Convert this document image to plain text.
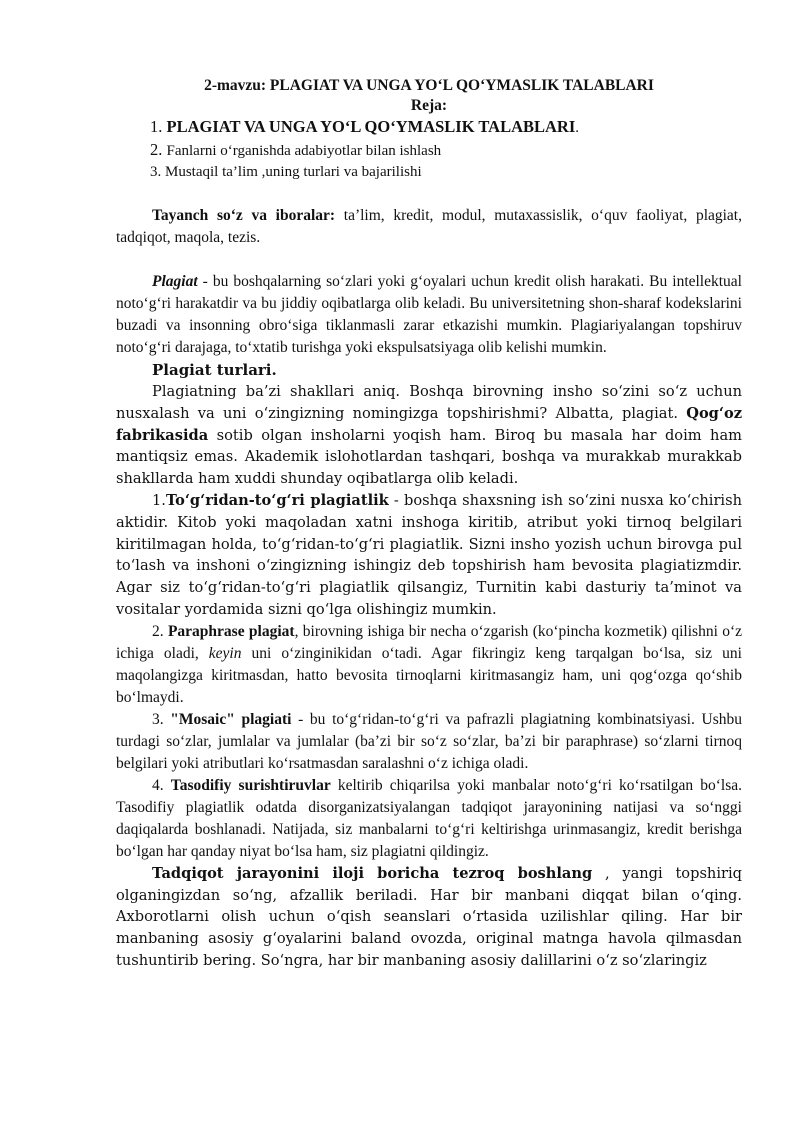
2-mavzu: PLAGIAT VA UNGA YO‘L QO‘YMASLIK TALABLARI
Reja:
1. PLAGIAT VA UNGA YO‘L QO‘YMASLIK TALABLARI.
2. Fanlarni o‘rganishda adabiyotlar bilan ishlash
3. Mustaqil ta’lim ,uning turlari va bajarilishi

Tayanch so‘z va iboralar: ta’lim, kredit, modul, mutaxassislik, o‘quv faoliyat, plagiat, tadqiqot, maqola, tezis.

Plagiat - bu boshqalarning so‘zlari yoki g‘oyalari uchun kredit olish harakati. Bu intellektual noto‘g‘ri harakatdir va bu jiddiy oqibatlarga olib keladi. Bu universitetning shon-sharaf kodekslarini buzadi va insonning obro‘siga tiklanmasli zarar etkazishi mumkin. Plagiariyalangan topshiruv noto‘g‘ri darajaga, to‘xtatib turishga yoki ekspulsatsiyaga olib kelishi mumkin.

Plagiat turlari.

Plagiatning ba’zi shakllari aniq. Boshqa birovning insho so‘zini so‘z uchun nusxalash va uni o‘zingizning nomingizga topshirishmi? Albatta, plagiat. Qog‘oz fabrikasida sotib olgan insholarni yoqish ham. Biroq bu masala har doim ham mantiqsiz emas. Akademik islohotlardan tashqari, boshqa va murakkab murakkab shakllarda ham xuddi shunday oqibatlarga olib keladi.

1.To‘g‘ridan-to‘g‘ri plagiatlik - boshqa shaxsning ish so‘zini nusxa ko‘chirish aktidir. Kitob yoki maqoladan xatni inshoga kiritib, atribut yoki tirnoq belgilari kiritilmagan holda, to‘g‘ridan-to‘g‘ri plagiatlik. Sizni insho yozish uchun birovga pul to‘lash va inshoni o‘zingizning ishingiz deb topshirish ham bevosita plagiatizmdir. Agar siz to‘g‘ridan-to‘g‘ri plagiatlik qilsangiz, Turnitin kabi dasturiy ta’minot va vositalar yordamida sizni qo‘lga olishingiz mumkin.

2. Paraphrase plagiat, birovning ishiga bir necha o‘zgarish (ko‘pincha kozmetik) qilishni o‘z ichiga oladi, keyin uni o‘zinginikidan o‘tadi. Agar fikringiz keng tarqalgan bo‘lsa, siz uni maqolangizga kiritmasdan, hatto bevosita tirnoqlarni kiritmasangiz ham, uni qog‘ozga qo‘shib bo‘lmaydi.

3. "Mosaic" plagiati - bu to‘g‘ridan-to‘g‘ri va pafrazli plagiatning kombinatsiyasi. Ushbu turdagi so‘zlar, jumlalar va jumlalar (ba’zi bir so‘z so‘zlar, ba’zi bir paraphrase) so‘zlarni tirnoq belgilari yoki atributlari ko‘rsatmasdan saralashni o‘z ichiga oladi.

4. Tasodifiy surishtiruvlar keltirib chiqarilsa yoki manbalar noto‘g‘ri ko‘rsatilgan bo‘lsa. Tasodifiy plagiatlik odatda disorganizatsiyalangan tadqiqot jarayonining natijasi va so‘nggi daqiqalarda boshlanadi. Natijada, siz manbalarni to‘g‘ri keltirishga urinmasangiz, kredit berishga bo‘lgan har qanday niyat bo‘lsa ham, siz plagiatni qildingiz.

Tadqiqot jarayonini iloji boricha tezroq boshlang , yangi topshiriq olganingizdan so‘ng, afzallik beriladi. Har bir manbani diqqat bilan o‘qing. Axborotlarni olish uchun o‘qish seanslari o‘rtasida uzilishlar qiling. Har bir manbaning asosiy g‘oyalarini baland ovozda, original matnga havola qilmasdan tushuntirib bering. So‘ngra, har bir manbaning asosiy dalillarini o‘z so‘zlaringiz
